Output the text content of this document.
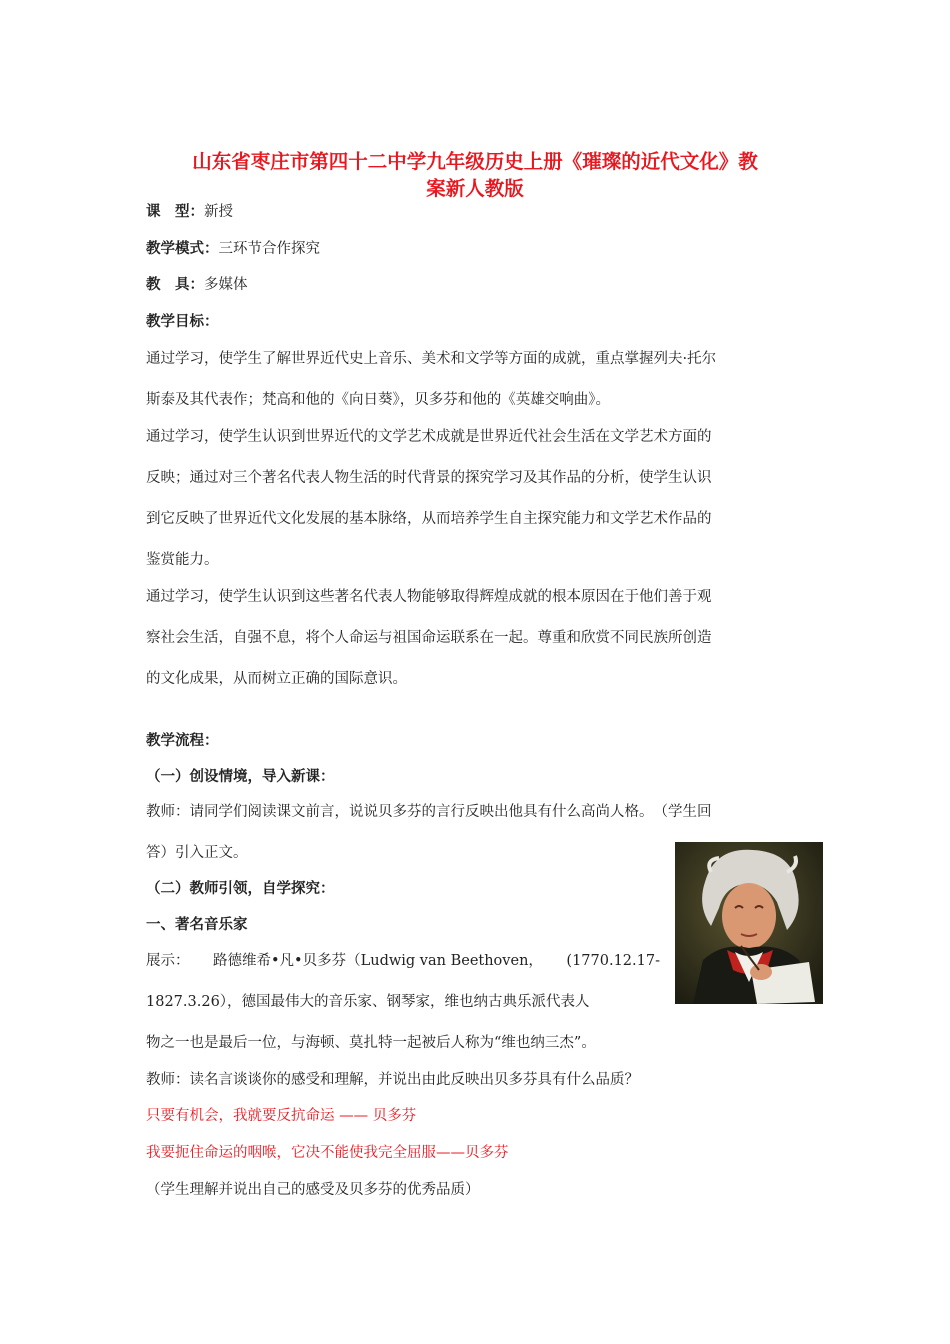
山东省枣庄市第四十二中学九年级历史上册《璀璨的近代文化》教
案新人教版
课　型：新授
教学模式：三环节合作探究
教　具：多媒体
教学目标：
通过学习，使学生了解世界近代史上音乐、美术和文学等方面的成就，重点掌握列夫·托尔
斯泰及其代表作；梵高和他的《向日葵》，贝多芬和他的《英雄交响曲》。
通过学习，使学生认识到世界近代的文学艺术成就是世界近代社会生活在文学艺术方面的
反映；通过对三个著名代表人物生活的时代背景的探究学习及其作品的分析，使学生认识
到它反映了世界近代文化发展的基本脉络，从而培养学生自主探究能力和文学艺术作品的
鉴赏能力。
通过学习，使学生认识到这些著名代表人物能够取得辉煌成就的根本原因在于他们善于观
察社会生活，自强不息，将个人命运与祖国命运联系在一起。尊重和欣赏不同民族所创造
的文化成果，从而树立正确的国际意识。
教学流程：
（一）创设情境，导入新课：
教师：请同学们阅读课文前言，说说贝多芬的言行反映出他具有什么高尚人格。　（学生回
答）引入正文。
（二）教师引领，自学探究：
一、著名音乐家
展示： 路德维希•凡•贝多芬（Ludwig van Beethoven， (1770.12.17-
1827.3.26），德国最伟大的音乐家、钢琴家，维也纳古典乐派代表人
物之一也是最后一位，与海顿、莫扎特一起被后人称为“维也纳三杰”。
教师：读名言谈谈你的感受和理解，并说出由此反映出贝多芬具有什么品质？
只要有机会，我就要反抗命运 —— 贝多芬
我要扼住命运的咽喉，它决不能使我完全屈服——贝多芬
（学生理解并说出自己的感受及贝多芬的优秀品质）
